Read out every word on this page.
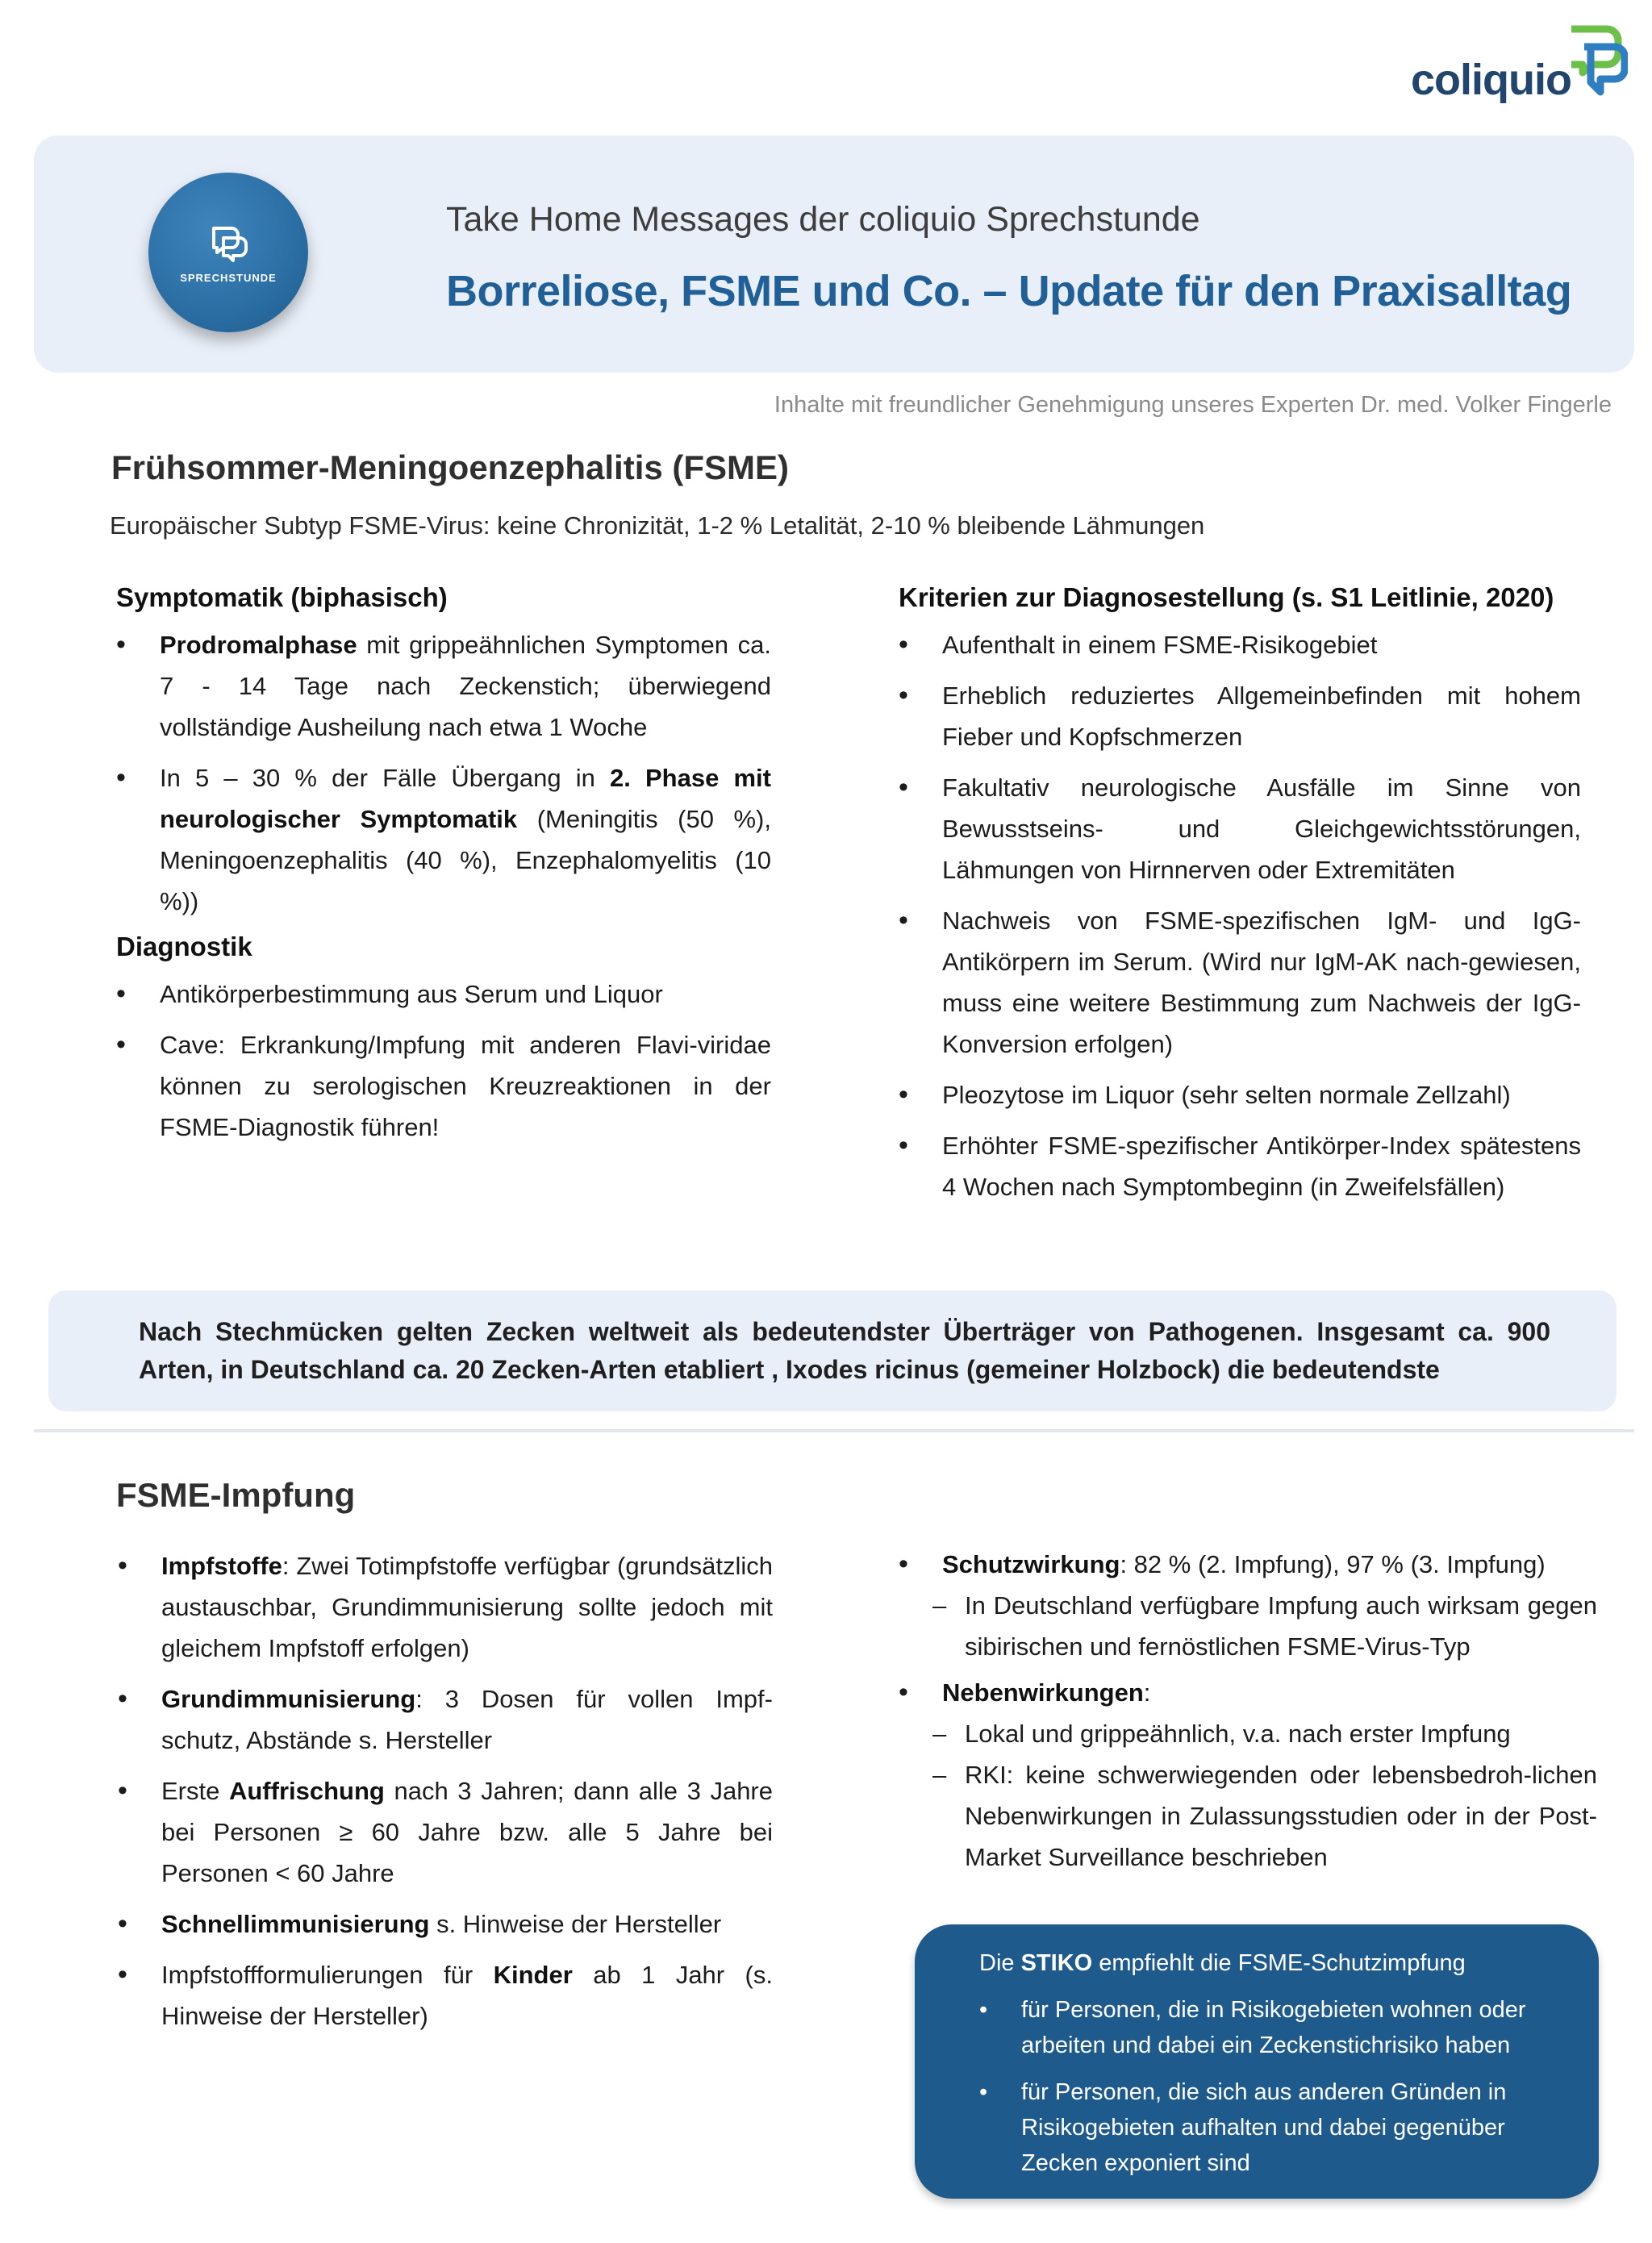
coliquio
SPRECHSTUNDE
Take Home Messages der coliquio Sprechstunde
Borreliose, FSME und Co. – Update für den Praxisalltag
Inhalte mit freundlicher Genehmigung unseres Experten Dr. med. Volker Fingerle
Frühsommer-Meningoenzephalitis (FSME)
Europäischer Subtyp FSME-Virus: keine Chronizität, 1-2 % Letalität, 2-10 % bleibende Lähmungen
Symptomatik (biphasisch)
• Prodromalphase mit grippeähnlichen Symptomen ca. 7 - 14 Tage nach Zeckenstich; überwiegend vollständige Ausheilung nach etwa 1 Woche
• In 5 – 30 % der Fälle Übergang in 2. Phase mit neurologischer Symptomatik (Meningitis (50 %), Meningoenzephalitis (40 %), Enzephalomyelitis (10 %))
Diagnostik
• Antikörperbestimmung aus Serum und Liquor
• Cave: Erkrankung/Impfung mit anderen Flavi-viridae können zu serologischen Kreuzreaktionen in der FSME-Diagnostik führen!
Kriterien zur Diagnosestellung (s. S1 Leitlinie, 2020)
• Aufenthalt in einem FSME-Risikogebiet
• Erheblich reduziertes Allgemeinbefinden mit hohem Fieber und Kopfschmerzen
• Fakultativ neurologische Ausfälle im Sinne von Bewusstseins- und Gleichgewichtsstörungen, Lähmungen von Hirnnerven oder Extremitäten
• Nachweis von FSME-spezifischen IgM- und IgG-Antikörpern im Serum. (Wird nur IgM-AK nach-gewiesen, muss eine weitere Bestimmung zum Nachweis der IgG-Konversion erfolgen)
• Pleozytose im Liquor (sehr selten normale Zellzahl)
• Erhöhter FSME-spezifischer Antikörper-Index spätestens 4 Wochen nach Symptombeginn (in Zweifelsfällen)
Nach Stechmücken gelten Zecken weltweit als bedeutendster Überträger von Pathogenen. Insgesamt ca. 900 Arten, in Deutschland ca. 20 Zecken-Arten etabliert , Ixodes ricinus (gemeiner Holzbock) die bedeutendste
FSME-Impfung
• Impfstoffe: Zwei Totimpfstoffe verfügbar (grundsätzlich austauschbar, Grundimmunisierung sollte jedoch mit gleichem Impfstoff erfolgen)
• Grundimmunisierung: 3 Dosen für vollen Impf-schutz, Abstände s. Hersteller
• Erste Auffrischung nach 3 Jahren; dann alle 3 Jahre bei Personen ≥ 60 Jahre bzw. alle 5 Jahre bei Personen < 60 Jahre
• Schnellimmunisierung s. Hinweise der Hersteller
• Impfstoffformulierungen für Kinder ab 1 Jahr (s. Hinweise der Hersteller)
• Schutzwirkung: 82 % (2. Impfung), 97 % (3. Impfung)
– In Deutschland verfügbare Impfung auch wirksam gegen sibirischen und fernöstlichen FSME-Virus-Typ
• Nebenwirkungen:
– Lokal und grippeähnlich, v.a. nach erster Impfung
– RKI: keine schwerwiegenden oder lebensbedroh-lichen Nebenwirkungen in Zulassungsstudien oder in der Post-Market Surveillance beschrieben
Die STIKO empfiehlt die FSME-Schutzimpfung
• für Personen, die in Risikogebieten wohnen oder arbeiten und dabei ein Zeckenstichrisiko haben
• für Personen, die sich aus anderen Gründen in Risikogebieten aufhalten und dabei gegenüber Zecken exponiert sind
